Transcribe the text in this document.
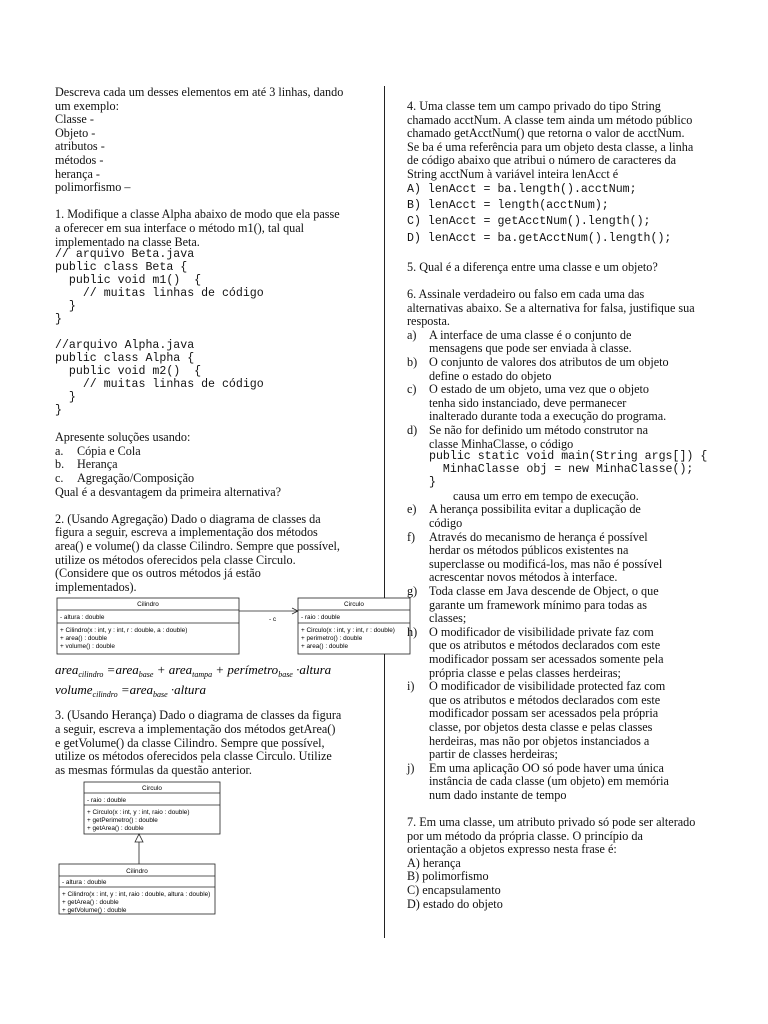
Descreva cada um desses elementos em até 3 linhas, dando

um exemplo:

Classe -

Objeto -

atributos -

métodos -

herança -

polimorfismo –

1. Modifique a classe Alpha abaixo de modo que ela passe

a oferecer em sua interface o método m1(), tal qual

implementado na classe Beta.

// arquivo Beta.java
public class Beta {
public void m1()  {
// muitas linhas de código
}
}
//arquivo Alpha.java
public class Alpha {
public void m2()  {
// muitas linhas de código
}
}

Apresente soluções usando:

a.	Cópia e Cola
b.	Herança
c.	Agregação/Composição

Qual é a desvantagem da primeira alternativa?

2. (Usando Agregação) Dado o diagrama de classes da

figura a seguir, escreva a implementação dos métodos

area() e volume() da classe Cilindro. Sempre que possível,

utilize os métodos oferecidos pela classe Circulo.

(Considere que os outros métodos já estão

implementados).

Cilindro
- altura : double
+ Cilindro(x : int, y : int, r : double, a : double)
+ area() : double
+ volume() : double
- c
Circulo
- raio : double
+ Circulo(x : int, y : int, r : double)
+ perimetro() : double
+ area() : double
area$_{cilindro}$ =area$_{base}$ + area$_{tampa}$ + perímetro$_{base}$ ·altura
volume$_{cilindro}$ =area$_{base}$ ·altura

3. (Usando Herança) Dado o diagrama de classes da figura

a seguir, escreva a implementação dos métodos getArea()

e getVolume() da classe Cilindro. Sempre que possível,

utilize os métodos oferecidos pela classe Circulo. Utilize

as mesmas fórmulas da questão anterior.

Circulo
- raio : double
+ Circulo(x : int, y : int, raio : double)
+ getPerimetro() : double
+ getArea() : double
Cilindro
- altura : double
+ Cilindro(x : int, y : int, raio : double, altura : double)
+ getArea() : double
+ getVolume() : double

4. Uma classe tem um campo privado do tipo String

chamado acctNum. A classe tem ainda um método público

chamado getAcctNum() que retorna o valor de acctNum.

Se ba é uma referência para um objeto desta classe, a linha

de código abaixo que atribui o número de caracteres da

String acctNum à variável inteira lenAcct é

A) lenAcct = ba.length().acctNum;
B) lenAcct = length(acctNum);
C) lenAcct = getAcctNum().length();
D) lenAcct = ba.getAcctNum().length();

5. Qual é a diferença entre uma classe e um objeto?

6. Assinale verdadeiro ou falso em cada uma das

alternativas abaixo. Se a alternativa for falsa, justifique sua

resposta.

a)	A interface de uma classe é o conjunto de
mensagens que pode ser enviada à classe.
b) O conjunto de valores dos atributos de um objeto
define o estado do objeto
c)	O estado de um objeto, uma vez que o objeto
tenha sido instanciado, deve permanecer
inalterado durante toda a execução do programa.
d) Se não for definido um método construtor na
classe MinhaClasse, o código
public static void main(String args[]) {
MinhaClasse obj = new MinhaClasse();
}

causa um erro em tempo de execução.

e)	A herança possibilita evitar a duplicação de
código
f)	Através do mecanismo de herança é possível
herdar os métodos públicos existentes na
superclasse ou modificá-los, mas não é possível
acrescentar novos métodos à interface.
g) Toda classe em Java descende de Object, o que
garante um framework mínimo para todas as
classes;
h) O modificador de visibilidade private faz com
que os atributos e métodos declarados com este
modificador possam ser acessados somente pela
própria classe e pelas classes herdeiras;
i)	O modificador de visibilidade protected faz com
que os atributos e métodos declarados com este
modificador possam ser acessados pela própria
classe, por objetos desta classe e pelas classes
herdeiras, mas não por objetos instanciados a
partir de classes herdeiras;
j)	Em uma aplicação OO só pode haver uma única
instância de cada classe (um objeto) em memória
num dado instante de tempo

7. Em uma classe, um atributo privado só pode ser alterado

por um método da própria classe. O princípio da

orientação a objetos expresso nesta frase é:

A) herança

B) polimorfismo

C) encapsulamento

D) estado do objeto
